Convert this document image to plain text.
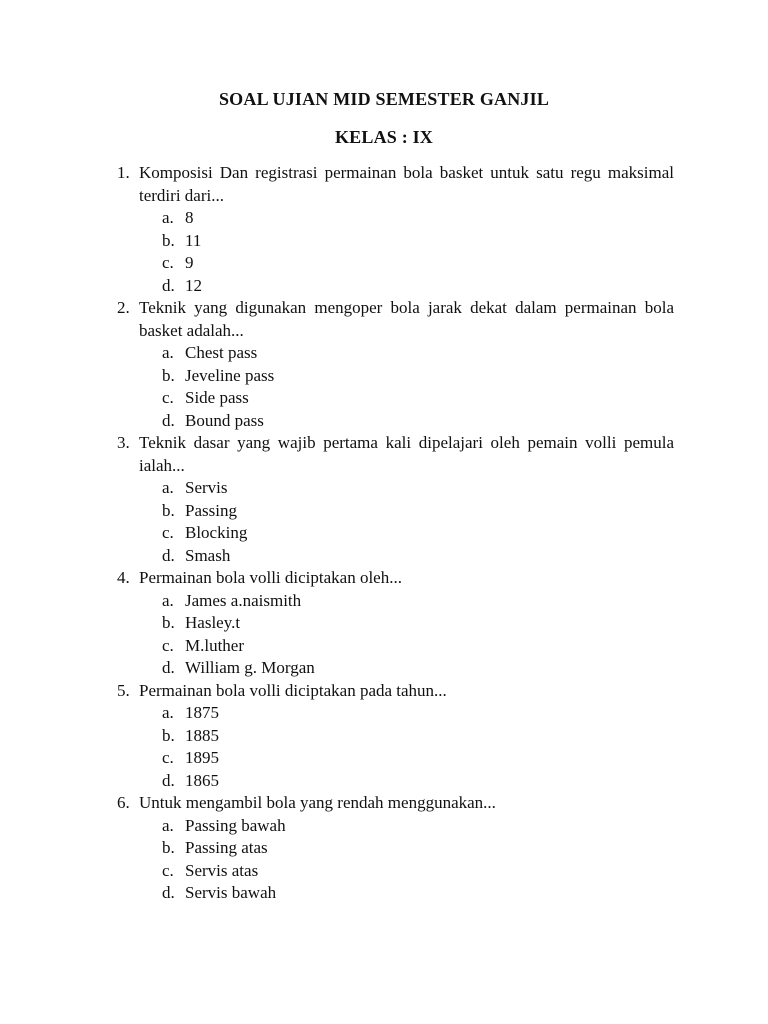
SOAL UJIAN MID SEMESTER GANJIL
KELAS : IX
1. Komposisi Dan registrasi permainan bola basket untuk satu regu maksimal terdiri dari...
a. 8
b. 11
c. 9
d. 12
2. Teknik yang digunakan mengoper bola jarak dekat dalam permainan bola basket adalah...
a. Chest pass
b. Jeveline pass
c. Side pass
d. Bound pass
3. Teknik dasar yang wajib pertama kali dipelajari oleh pemain volli pemula ialah...
a. Servis
b. Passing
c. Blocking
d. Smash
4. Permainan bola volli diciptakan oleh...
a. James a.naismith
b. Hasley.t
c. M.luther
d. William g. Morgan
5. Permainan bola volli diciptakan pada tahun...
a. 1875
b. 1885
c. 1895
d. 1865
6. Untuk mengambil bola yang rendah menggunakan...
a. Passing bawah
b. Passing atas
c. Servis atas
d. Servis bawah
